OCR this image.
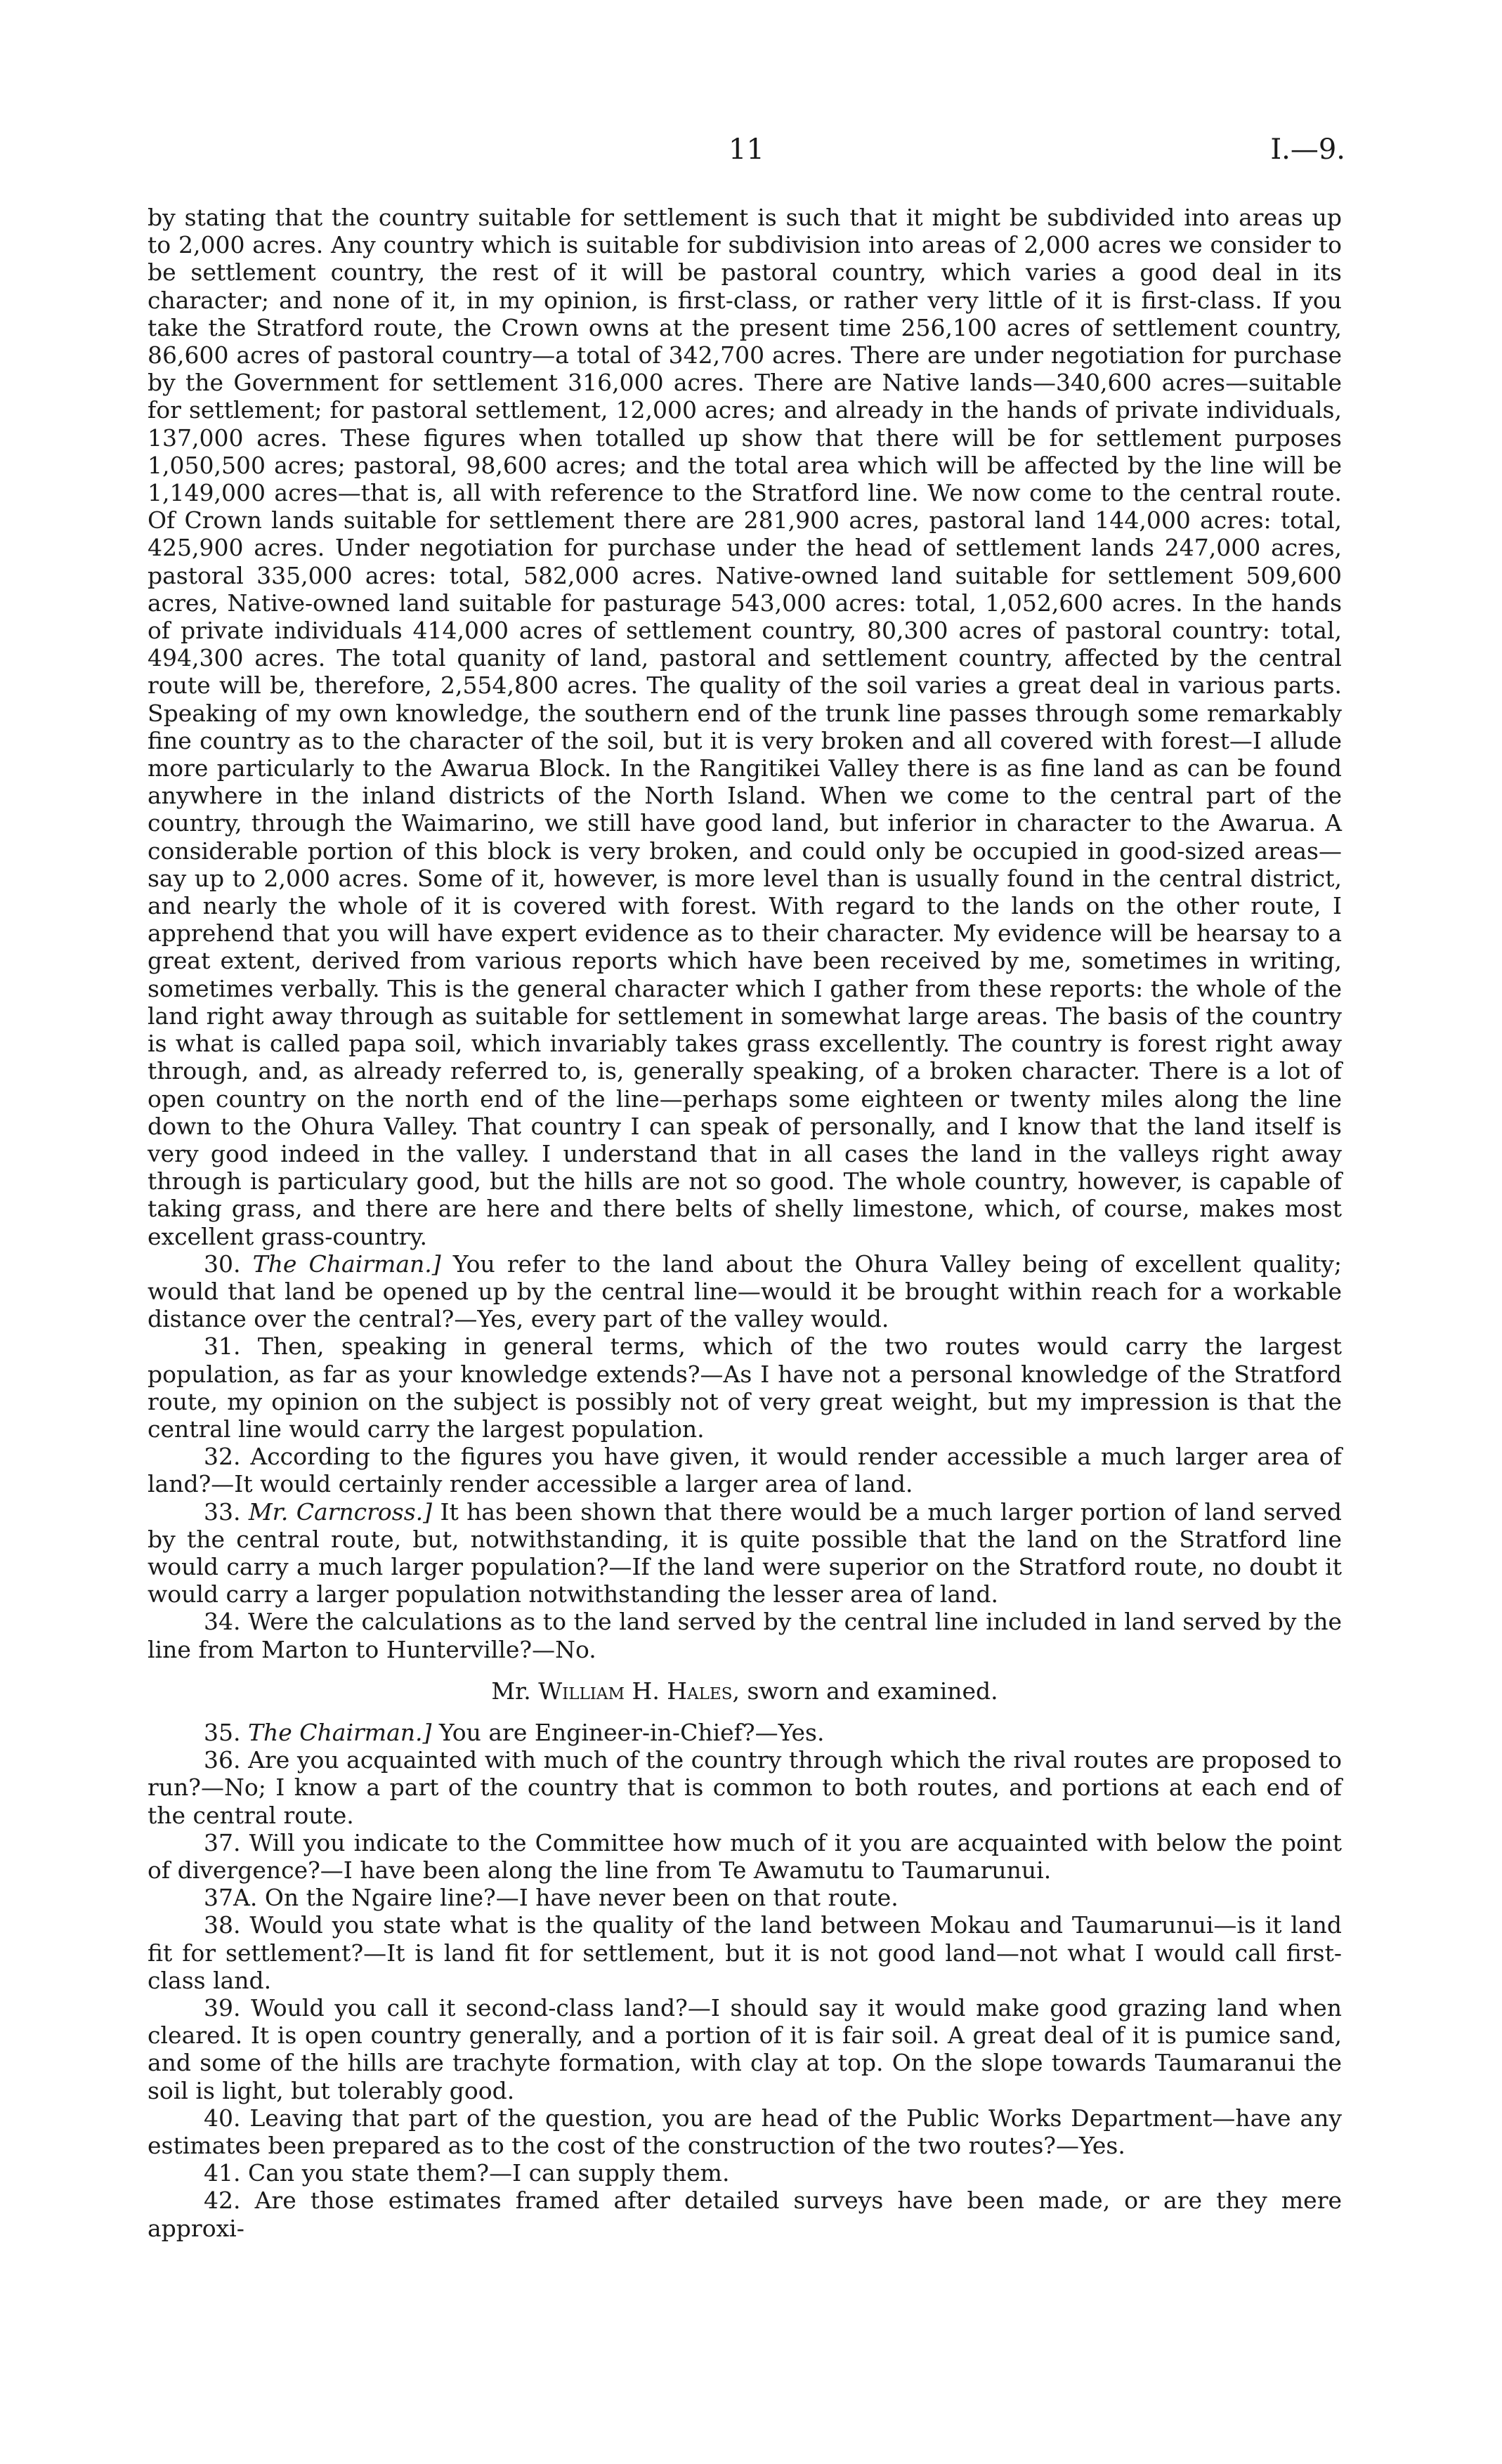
11	I.—9.

by stating that the country suitable for settlement is such that it might be subdivided into areas up to 2,000 acres. Any country which is suitable for subdivision into areas of 2,000 acres we consider to be settlement country, the rest of it will be pastoral country, which varies a good deal in its character; and none of it, in my opinion, is first-class, or rather very little of it is first-class. If you take the Stratford route, the Crown owns at the present time 256,100 acres of settlement country, 86,600 acres of pastoral country—a total of 342,700 acres. There are under negotiation for purchase by the Government for settlement 316,000 acres. There are Native lands—340,600 acres—suitable for settlement; for pastoral settlement, 12,000 acres; and already in the hands of private individuals, 137,000 acres. These figures when totalled up show that there will be for settlement purposes 1,050,500 acres; pastoral, 98,600 acres; and the total area which will be affected by the line will be 1,149,000 acres—that is, all with reference to the Stratford line. We now come to the central route. Of Crown lands suitable for settlement there are 281,900 acres, pastoral land 144,000 acres: total, 425,900 acres. Under negotiation for purchase under the head of settlement lands 247,000 acres, pastoral 335,000 acres: total, 582,000 acres. Native-owned land suitable for settlement 509,600 acres, Native-owned land suitable for pasturage 543,000 acres: total, 1,052,600 acres. In the hands of private individuals 414,000 acres of settlement country, 80,300 acres of pastoral country: total, 494,300 acres. The total quanity of land, pastoral and settlement country, affected by the central route will be, therefore, 2,554,800 acres. The quality of the soil varies a great deal in various parts. Speaking of my own knowledge, the southern end of the trunk line passes through some remarkably fine country as to the character of the soil, but it is very broken and all covered with forest—I allude more particularly to the Awarua Block. In the Rangitikei Valley there is as fine land as can be found anywhere in the inland districts of the North Island. When we come to the central part of the country, through the Waimarino, we still have good land, but inferior in character to the Awarua. A considerable portion of this block is very broken, and could only be occupied in good-sized areas—say up to 2,000 acres. Some of it, however, is more level than is usually found in the central district, and nearly the whole of it is covered with forest. With regard to the lands on the other route, I apprehend that you will have expert evidence as to their character. My evidence will be hearsay to a great extent, derived from various reports which have been received by me, sometimes in writing, sometimes verbally. This is the general character which I gather from these reports: the whole of the land right away through as suitable for settlement in somewhat large areas. The basis of the country is what is called papa soil, which invariably takes grass excellently. The country is forest right away through, and, as already referred to, is, generally speaking, of a broken character. There is a lot of open country on the north end of the line—perhaps some eighteen or twenty miles along the line down to the Ohura Valley. That country I can speak of personally, and I know that the land itself is very good indeed in the valley. I understand that in all cases the land in the valleys right away through is particulary good, but the hills are not so good. The whole country, however, is capable of taking grass, and there are here and there belts of shelly limestone, which, of course, makes most excellent grass-country.

30. The Chairman.] You refer to the land about the Ohura Valley being of excellent quality; would that land be opened up by the central line—would it be brought within reach for a workable distance over the central?—Yes, every part of the valley would.

31. Then, speaking in general terms, which of the two routes would carry the largest population, as far as your knowledge extends?—As I have not a personal knowledge of the Stratford route, my opinion on the subject is possibly not of very great weight, but my impression is that the central line would carry the largest population.

32. According to the figures you have given, it would render accessible a much larger area of land?—It would certainly render accessible a larger area of land.

33. Mr. Carncross.] It has been shown that there would be a much larger portion of land served by the central route, but, notwithstanding, it is quite possible that the land on the Stratford line would carry a much larger population?—If the land were superior on the Stratford route, no doubt it would carry a larger population notwithstanding the lesser area of land.

34. Were the calculations as to the land served by the central line included in land served by the line from Marton to Hunterville?—No.

Mr. William H. Hales, sworn and examined.

35. The Chairman.] You are Engineer-in-Chief?—Yes.

36. Are you acquainted with much of the country through which the rival routes are proposed to run?—No; I know a part of the country that is common to both routes, and portions at each end of the central route.

37. Will you indicate to the Committee how much of it you are acquainted with below the point of divergence?—I have been along the line from Te Awamutu to Taumarunui.

37A. On the Ngaire line?—I have never been on that route.

38. Would you state what is the quality of the land between Mokau and Taumarunui—is it land fit for settlement?—It is land fit for settlement, but it is not good land—not what I would call first-class land.

39. Would you call it second-class land?—I should say it would make good grazing land when cleared. It is open country generally, and a portion of it is fair soil. A great deal of it is pumice sand, and some of the hills are trachyte formation, with clay at top. On the slope towards Taumaranui the soil is light, but tolerably good.

40. Leaving that part of the question, you are head of the Public Works Department—have any estimates been prepared as to the cost of the construction of the two routes?—Yes.

41. Can you state them?—I can supply them.

42. Are those estimates framed after detailed surveys have been made, or are they mere approxi-
